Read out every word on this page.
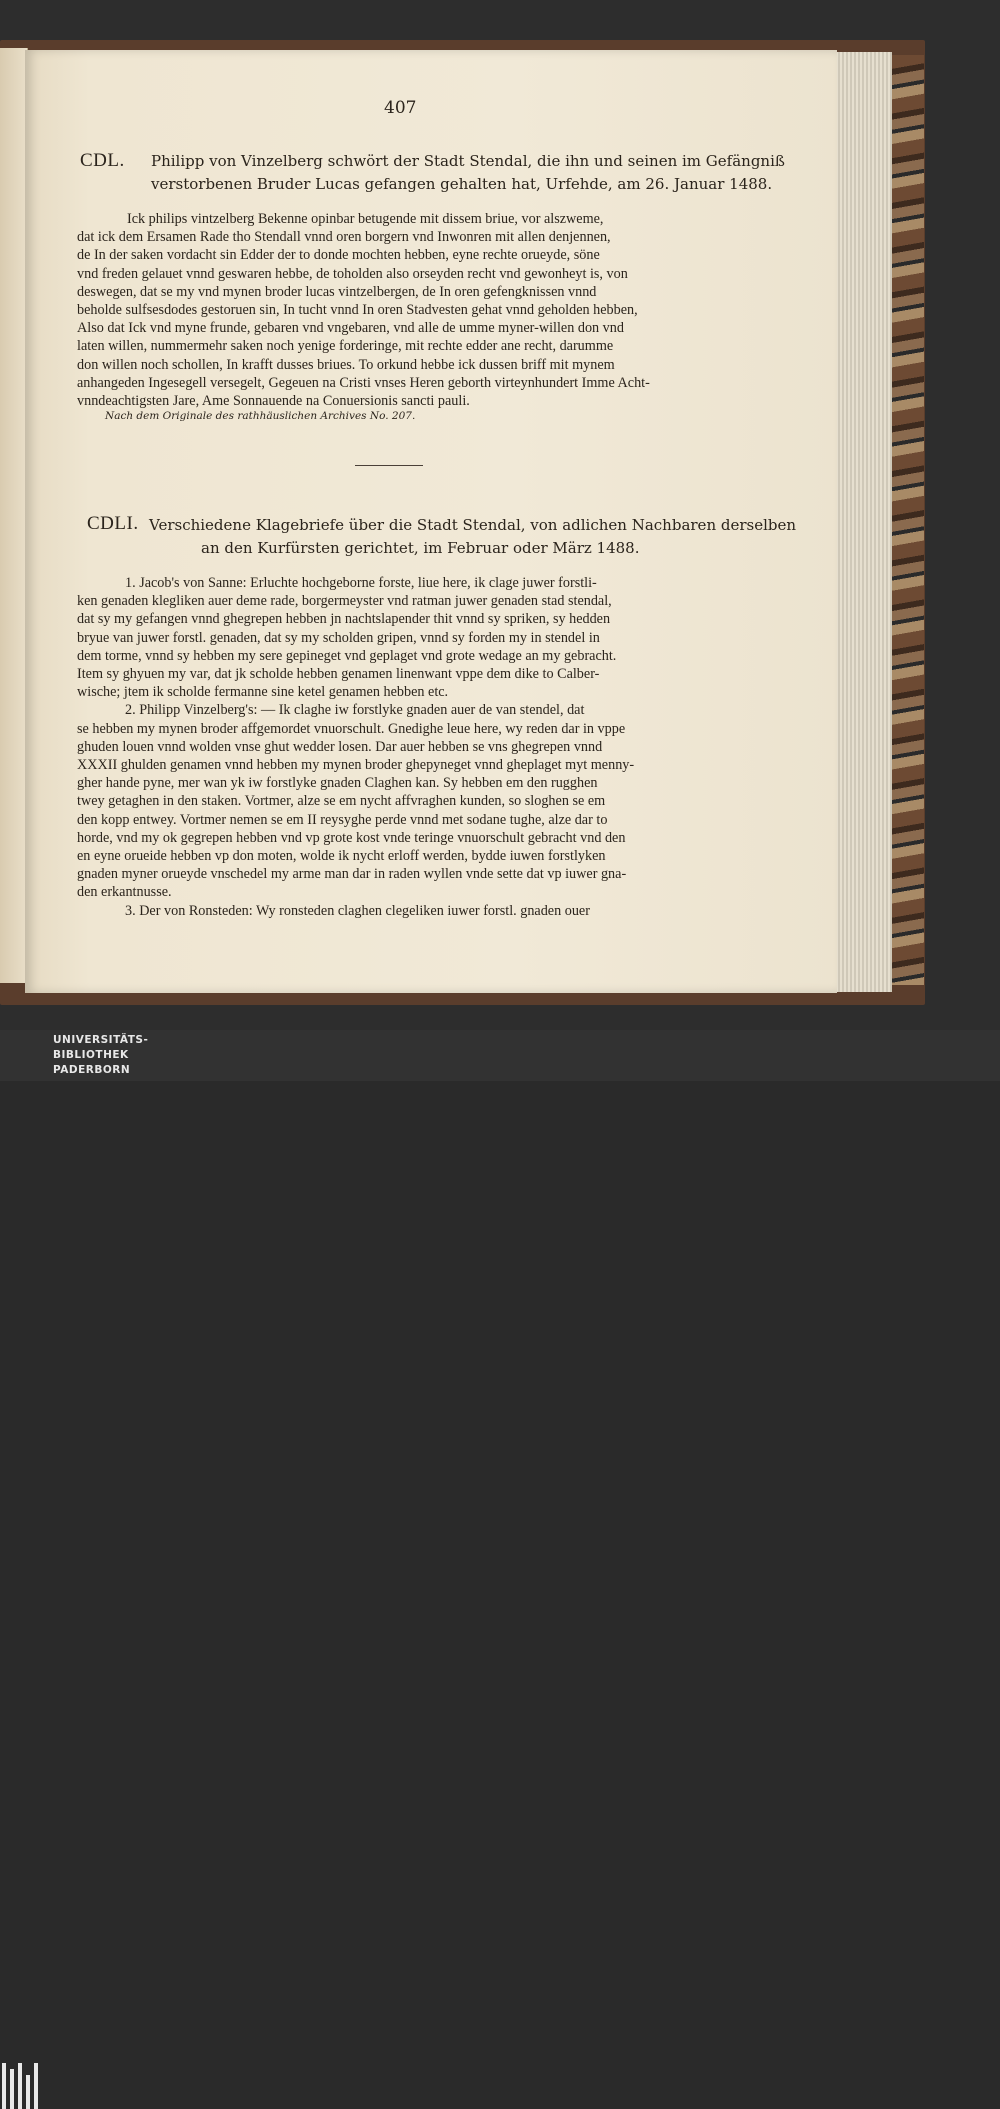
407
CDL. Philipp von Vinzelberg schwört der Stadt Stendal, die ihn und seinen im Gefängniß
verstorbenen Bruder Lucas gefangen gehalten hat, Urfehde, am 26. Januar 1488.

Ick philips vintzelberg Bekenne opinbar betugende mit dissem briue, vor alszweme,

dat ick dem Ersamen Rade tho Stendall vnnd oren borgern vnd Inwonren mit allen denjennen,

de In der saken vordacht sin Edder der to donde mochten hebben, eyne rechte orueyde, söne

vnd freden gelauet vnnd geswaren hebbe, de toholden also orseyden recht vnd gewonheyt is, von

deswegen, dat se my vnd mynen broder lucas vintzelbergen, de In oren gefengknissen vnnd

beholde sulfsesdodes gestoruen sin, In tucht vnnd In oren Stadvesten gehat vnnd geholden hebben,

Also dat Ick vnd myne frunde, gebaren vnd vngebaren, vnd alle de umme myner-willen don vnd

laten willen, nummermehr saken noch yenige forderinge, mit rechte edder ane recht, darumme

don willen noch schollen, In krafft dusses briues. To orkund hebbe ick dussen briff mit mynem

anhangeden Ingesegell versegelt, Gegeuen na Cristi vnses Heren geborth virteynhundert Imme Acht-

vnndeachtigsten Jare, Ame Sonnauende na Conuersionis sancti pauli.

Nach dem Originale des rathhäuslichen Archives No. 207.
CDLI. Verschiedene Klagebriefe über die Stadt Stendal, von adlichen Nachbaren derselben
an den Kurfürsten gerichtet, im Februar oder März 1488.

1. Jacob's von Sanne: Erluchte hochgeborne forste, liue here, ik clage juwer forstli-

ken genaden klegliken auer deme rade, borgermeyster vnd ratman juwer genaden stad stendal,

dat sy my gefangen vnnd ghegrepen hebben jn nachtslapender thit vnnd sy spriken, sy hedden

bryue van juwer forstl. genaden, dat sy my scholden gripen, vnnd sy forden my in stendel in

dem torme, vnnd sy hebben my sere gepineget vnd geplaget vnd grote wedage an my gebracht.

Item sy ghyuen my var, dat jk scholde hebben genamen linenwant vppe dem dike to Calber-

wische; jtem ik scholde fermanne sine ketel genamen hebben etc.

2. Philipp Vinzelberg's: — Ik claghe iw forstlyke gnaden auer de van stendel, dat

se hebben my mynen broder affgemordet vnuorschult. Gnedighe leue here, wy reden dar in vppe

ghuden louen vnnd wolden vnse ghut wedder losen. Dar auer hebben se vns ghegrepen vnnd

XXXII ghulden genamen vnnd hebben my mynen broder ghepyneget vnnd gheplaget myt menny-

gher hande pyne, mer wan yk iw forstlyke gnaden Claghen kan. Sy hebben em den rugghen

twey getaghen in den staken. Vortmer, alze se em nycht affvraghen kunden, so sloghen se em

den kopp entwey. Vortmer nemen se em II reysyghe perde vnnd met sodane tughe, alze dar to

horde, vnd my ok gegrepen hebben vnd vp grote kost vnde teringe vnuorschult gebracht vnd den

en eyne orueide hebben vp don moten, wolde ik nycht erloff werden, bydde iuwen forstlyken

gnaden myner orueyde vnschedel my arme man dar in raden wyllen vnde sette dat vp iuwer gna-

den erkantnusse.

3. Der von Ronsteden: Wy ronsteden claghen clegeliken iuwer forstl. gnaden ouer

UNIVERSITÄTS-
BIBLIOTHEK
PADERBORN
